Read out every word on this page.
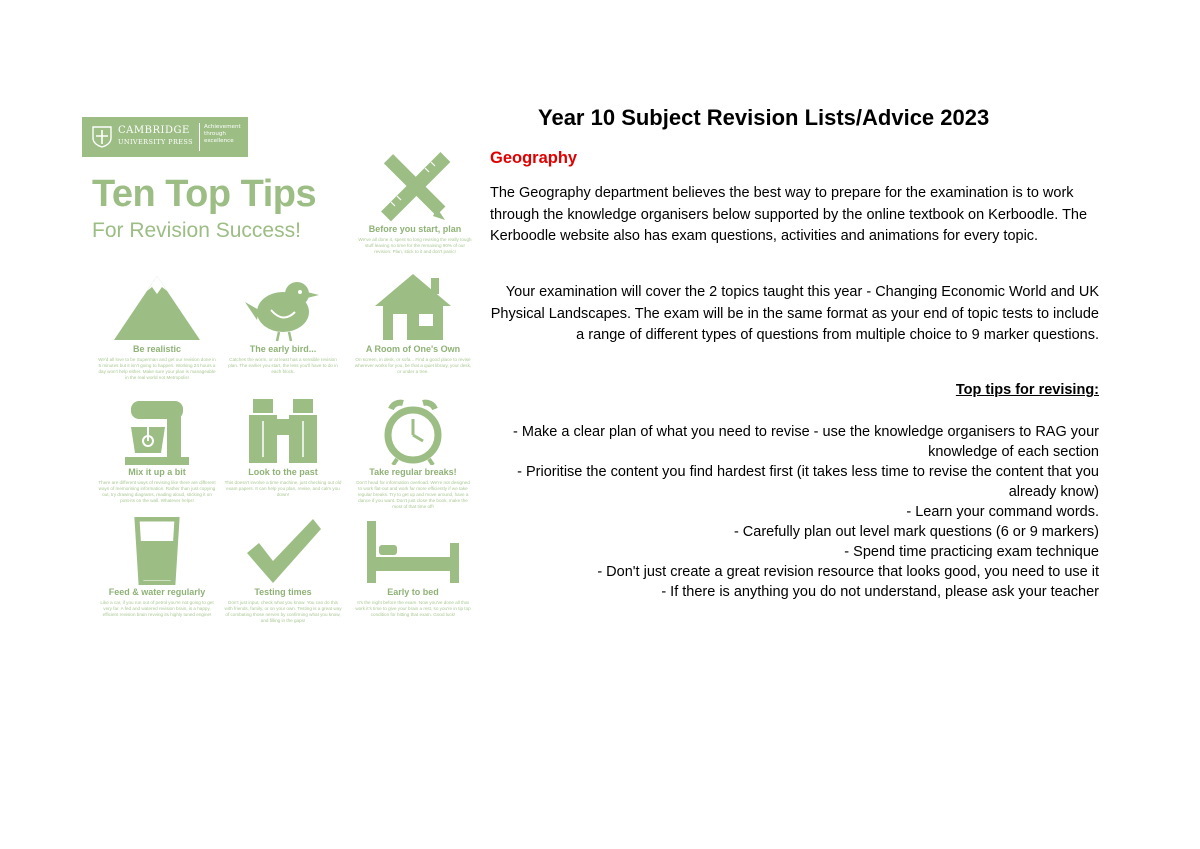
CAMBRIDGE
UNIVERSITY PRESS
Achievement through excellence
Ten Top Tips
For Revision Success!	Before you start, plan
We've all done it, spent so long revising the really tough stuff leaving no time for the remaining 90% of our revision. Plan, stick to it and don't panic!
Be realistic
We'd all love to be Superman and get our revision done in 5 minutes but it isn't going to happen. Working 24 hours a day won't help either. Make sure your plan is manageable in the real world not Metropolis!
The early bird...
Catches the worm, or at least has a sensible revision plan. The earlier you start, the less you'll have to do in each block.
A Room of One's Own
On screen, in desk, or sofa... Find a good place to revise wherever works for you, be that a quiet library, your desk, or under a tree.
Mix it up a bit
There are different ways of revising like there are different ways of memorising information. Rather than just copying out, try drawing diagrams, reading aloud, sticking it on post-its on the wall. Whatever helps!
Look to the past
This doesn't involve a time machine, just checking out old exam papers. It can help you plan, revise, and calm you down!
Take regular breaks!
Don't head for information overload. We're not designed to work flat-out and work far more efficiently if we take regular breaks. Try to get up and move around, have a dance if you want. Don't just close the book, make the most of that time off!
Feed & water regularly
Like a car, if you run out of petrol you're not going to get very far. A fed and watered revision brain, is a happy, efficient revision brain revving its highly tuned engine!
Testing times
Don't just input, check what you know. You can do this with friends, family, or on your own. Testing is a great way of combating those nerves by confirming what you know, and filling in the gaps!
Early to bed
It's the night before the exam. Now you've done all that work it's time to give your brain a rest, so you're in tip top condition for hitting that exam. Good luck!
Year 10 Subject Revision Lists/Advice 2023
Geography

The Geography department believes the best way to prepare for the examination is to work through the knowledge organisers below supported by the online textbook on Kerboodle. The Kerboodle website also has exam questions, activities and animations for every topic.

Your examination will cover the 2 topics taught this year - Changing Economic World and UK Physical Landscapes. The exam will be in the same format as your end of topic tests to include a range of different types of questions from multiple choice to 9 marker questions.

Top tips for revising:

- Make a clear plan of what you need to revise - use the knowledge organisers to RAG your knowledge of each section
- Prioritise the content you find hardest first (it takes less time to revise the content that you already know)
- Learn your command words.
- Carefully plan out level mark questions (6 or 9 markers)
- Spend time practicing exam technique
- Don't just create a great revision resource that looks good, you need to use it
- If there is anything you do not understand, please ask your teacher
